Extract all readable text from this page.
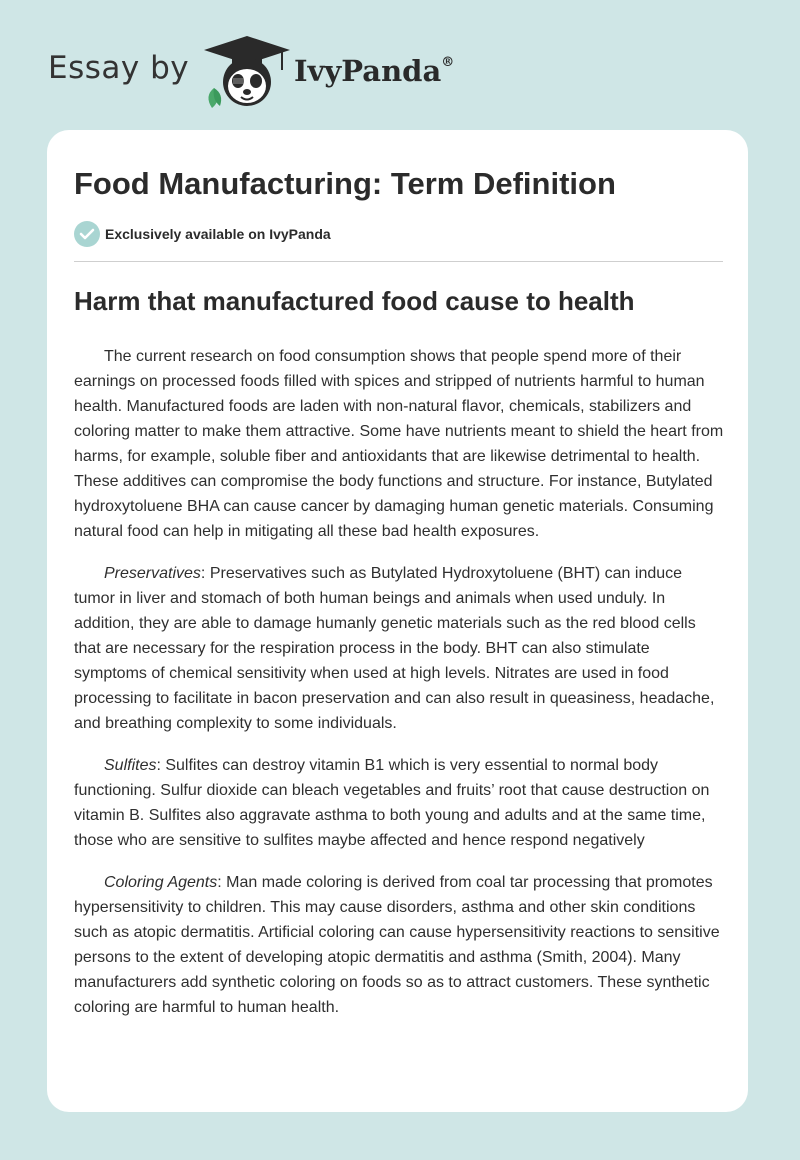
Essay by	IvyPanda®
Food Manufacturing: Term Definition
Exclusively available on IvyPanda
Harm that manufactured food cause to health

The current research on food consumption shows that people spend more of their earnings on processed foods filled with spices and stripped of nutrients harmful to human health. Manufactured foods are laden with non-natural flavor, chemicals, stabilizers and coloring matter to make them attractive. Some have nutrients meant to shield the heart from harms, for example, soluble fiber and antioxidants that are likewise detrimental to health. These additives can compromise the body functions and structure. For instance, Butylated hydroxytoluene BHA can cause cancer by damaging human genetic materials. Consuming natural food can help in mitigating all these bad health exposures.

Preservatives: Preservatives such as Butylated Hydroxytoluene (BHT) can induce tumor in liver and stomach of both human beings and animals when used unduly. In addition, they are able to damage humanly genetic materials such as the red blood cells that are necessary for the respiration process in the body. BHT can also stimulate symptoms of chemical sensitivity when used at high levels. Nitrates are used in food processing to facilitate in bacon preservation and can also result in queasiness, headache, and breathing complexity to some individuals.

Sulfites: Sulfites can destroy vitamin B1 which is very essential to normal body functioning. Sulfur dioxide can bleach vegetables and fruits’ root that cause destruction on vitamin B. Sulfites also aggravate asthma to both young and adults and at the same time, those who are sensitive to sulfites maybe affected and hence respond negatively

Coloring Agents: Man made coloring is derived from coal tar processing that promotes hypersensitivity to children. This may cause disorders, asthma and other skin conditions such as atopic dermatitis. Artificial coloring can cause hypersensitivity reactions to sensitive persons to the extent of developing atopic dermatitis and asthma (Smith, 2004). Many manufacturers add synthetic coloring on foods so as to attract customers. These synthetic coloring are harmful to human health.
